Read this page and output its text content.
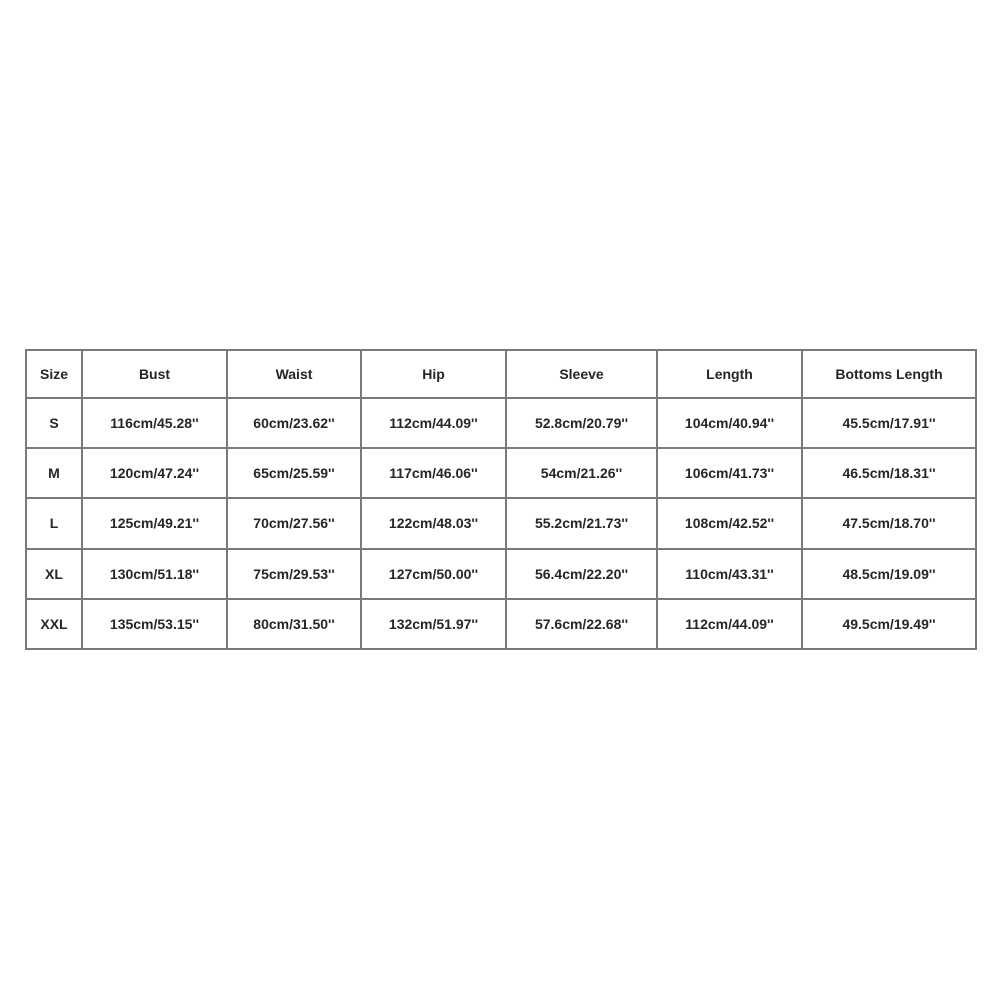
Size	Bust	Waist	Hip	Sleeve	Length	Bottoms Length
S	116cm/45.28''	60cm/23.62''	112cm/44.09''	52.8cm/20.79''	104cm/40.94''	45.5cm/17.91''
M	120cm/47.24''	65cm/25.59''	117cm/46.06''	54cm/21.26''	106cm/41.73''	46.5cm/18.31''
L	125cm/49.21''	70cm/27.56''	122cm/48.03''	55.2cm/21.73''	108cm/42.52''	47.5cm/18.70''
XL	130cm/51.18''	75cm/29.53''	127cm/50.00''	56.4cm/22.20''	110cm/43.31''	48.5cm/19.09''
XXL	135cm/53.15''	80cm/31.50''	132cm/51.97''	57.6cm/22.68''	112cm/44.09''	49.5cm/19.49''
